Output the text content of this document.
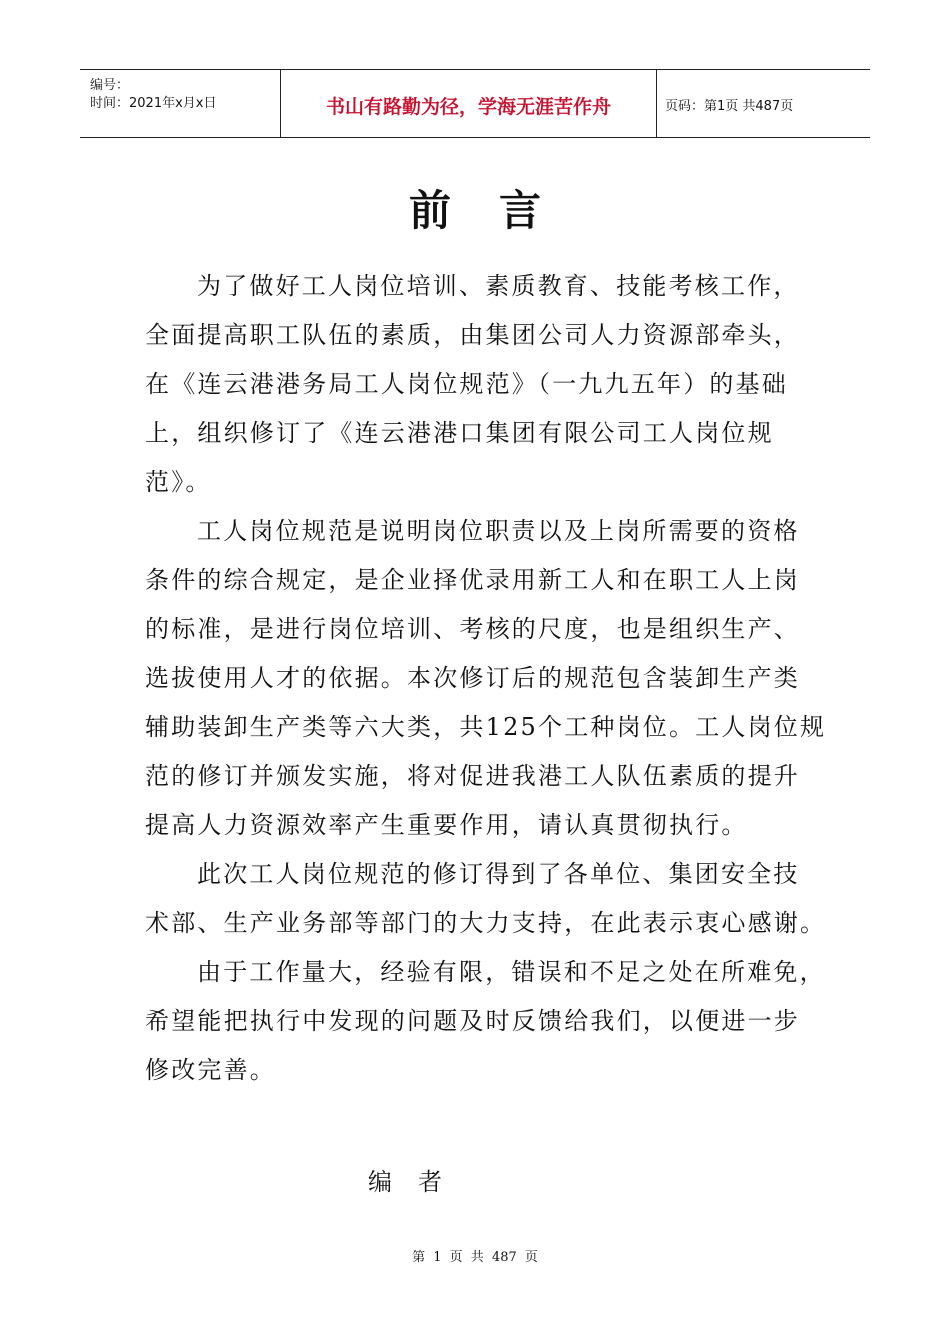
编号：
时间：2021年x月x日	书山有路勤为径，学海无涯苦作舟	页码：第1页 共487页
前言
为了做好工人岗位培训、素质教育、技能考核工作，
全面提高职工队伍的素质，由集团公司人力资源部牵头，
在《连云港港务局工人岗位规范》（一九九五年）的基础
上，组织修订了《连云港港口集团有限公司工人岗位规
范》。
工人岗位规范是说明岗位职责以及上岗所需要的资格
条件的综合规定，是企业择优录用新工人和在职工人上岗
的标准，是进行岗位培训、考核的尺度，也是组织生产、
选拔使用人才的依据。本次修订后的规范包含装卸生产类
辅助装卸生产类等六大类，共125个工种岗位。工人岗位规
范的修订并颁发实施，将对促进我港工人队伍素质的提升
提高人力资源效率产生重要作用，请认真贯彻执行。
此次工人岗位规范的修订得到了各单位、集团安全技
术部、生产业务部等部门的大力支持，在此表示衷心感谢。
由于工作量大，经验有限，错误和不足之处在所难免，
希望能把执行中发现的问题及时反馈给我们，以便进一步
修改完善。
编者
第 1 页 共 487 页
